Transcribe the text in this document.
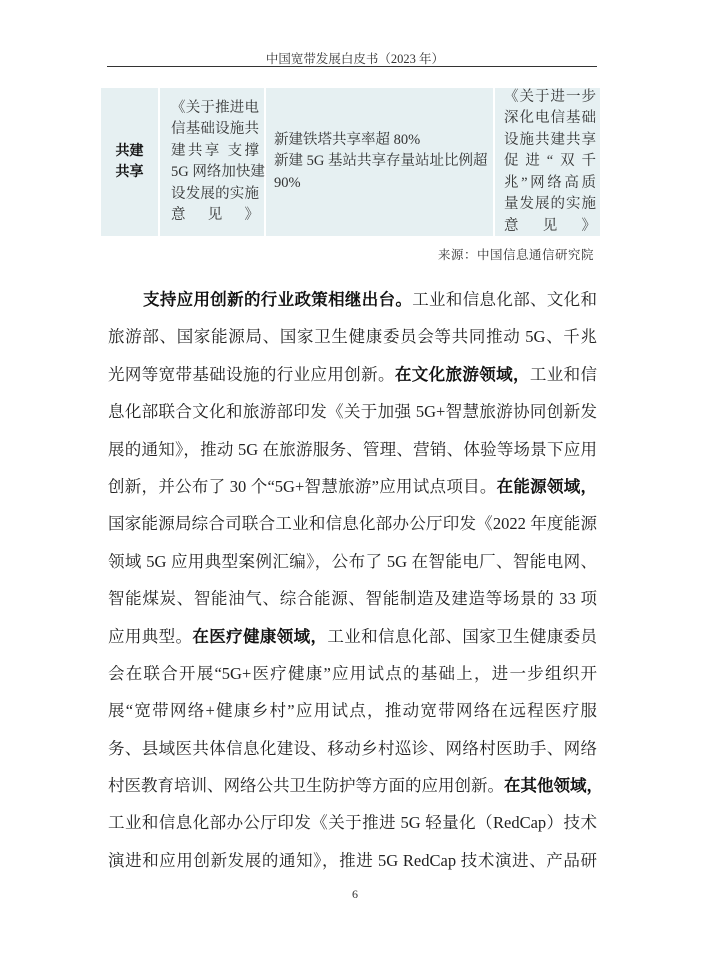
中国宽带发展白皮书（2023 年）
共建
共享
《关于推进电
信基础设施共
建共享 支撑
5G 网络加快建
设发展的实施
意见》
新建铁塔共享率超 80%
新建 5G 基站共享存量站址比例超
90%
《关于进一步
深化电信基础
设施共建共享
促进“双千
兆”网络高质
量发展的实施
意见》
来源：中国信息通信研究院
支持应用创新的行业政策相继出台。工业和信息化部、文化和
旅游部、国家能源局、国家卫生健康委员会等共同推动 5G、千兆
光网等宽带基础设施的行业应用创新。在文化旅游领域，工业和信
息化部联合文化和旅游部印发《关于加强 5G+智慧旅游协同创新发
展的通知》，推动 5G 在旅游服务、管理、营销、体验等场景下应用
创新，并公布了 30 个“5G+智慧旅游”应用试点项目。在能源领域，
国家能源局综合司联合工业和信息化部办公厅印发《2022 年度能源
领域 5G 应用典型案例汇编》，公布了 5G 在智能电厂、智能电网、
智能煤炭、智能油气、综合能源、智能制造及建造等场景的 33 项
应用典型。在医疗健康领域，工业和信息化部、国家卫生健康委员
会在联合开展“5G+医疗健康”应用试点的基础上，进一步组织开
展“宽带网络+健康乡村”应用试点，推动宽带网络在远程医疗服
务、县域医共体信息化建设、移动乡村巡诊、网络村医助手、网络
村医教育培训、网络公共卫生防护等方面的应用创新。在其他领域，
工业和信息化部办公厅印发《关于推进 5G 轻量化（RedCap）技术
演进和应用创新发展的通知》，推进 5G RedCap 技术演进、产品研
6
